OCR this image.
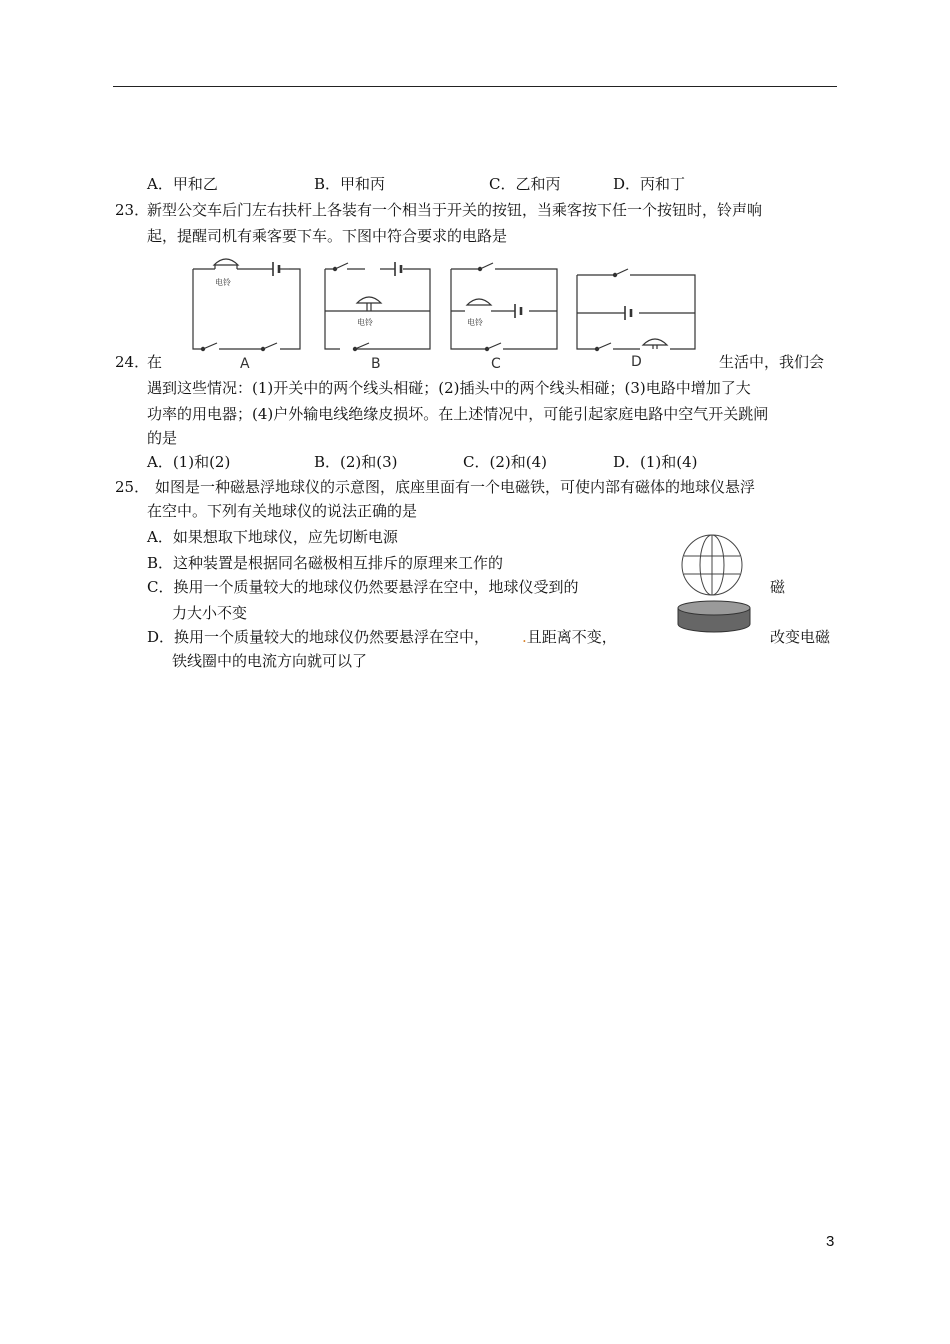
A．甲和乙	B．甲和丙	C．乙和丙	D．丙和丁
23．
新型公交车后门左右扶杆上各装有一个相当于开关的按钮，当乘客按下任一个按钮时，铃声响
起，提醒司机有乘客要下车。下图中符合要求的电路是
电铃
A
电铃
B
电铃
C	D
24．
在	生活中，我们会
遇到这些情况：(1)开关中的两个线头相碰；(2)插头中的两个线头相碰；(3)电路中增加了大
功率的用电器；(4)户外输电线绝缘皮损坏。在上述情况中，可能引起家庭电路中空气开关跳闸
的是
A．(1)和(2)	B．(2)和(3)	C．(2)和(4)	D．(1)和(4)
25． 如图是一种磁悬浮地球仪的示意图，底座里面有一个电磁铁，可使内部有磁体的地球仪悬浮
在空中。下列有关地球仪的说法正确的是
A．如果想取下地球仪，应先切断电源
B．这种装置是根据同名磁极相互排斥的原理来工作的
C．换用一个质量较大的地球仪仍然要悬浮在空中，地球仪受到的	磁
力大小不变
D．换用一个质量较大的地球仪仍然要悬浮在空中， .且距离不变，	改变电磁
铁线圈中的电流方向就可以了
3
